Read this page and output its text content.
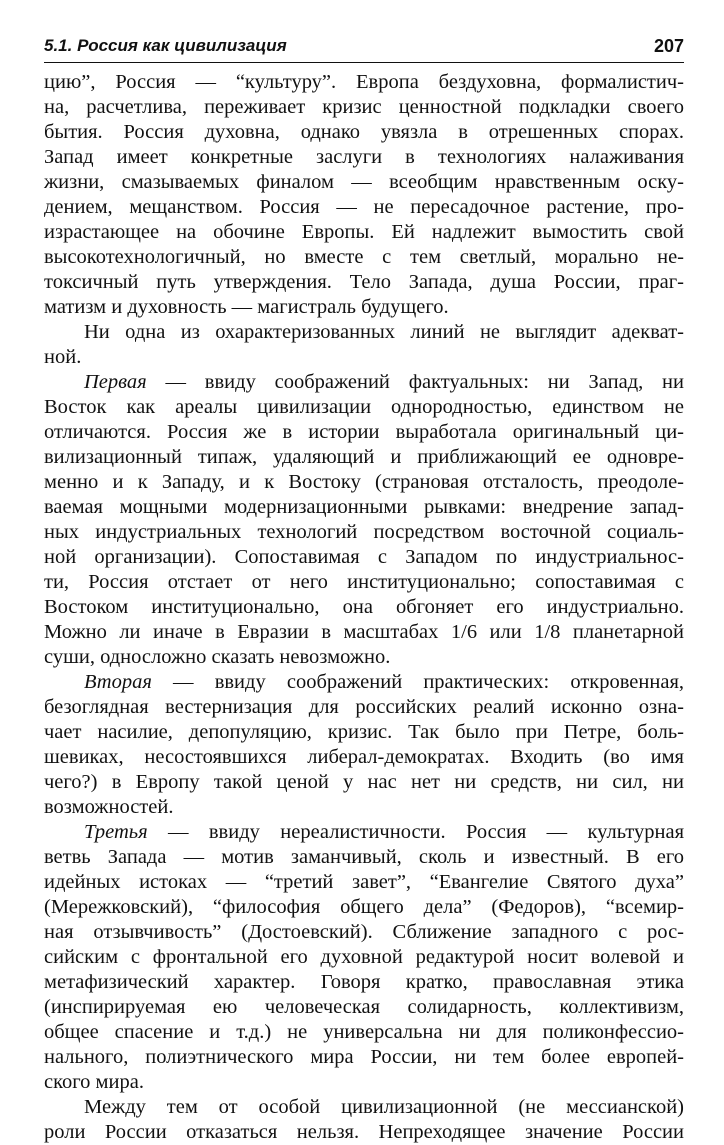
5.1. Россия как цивилизация	207
цию”, Россия — “культуру”. Европа бездуховна, формалистич-
на, расчетлива, переживает кризис ценностной подкладки своего
бытия. Россия духовна, однако увязла в отрешенных спорах.
Запад имеет конкретные заслуги в технологиях налаживания
жизни, смазываемых финалом — всеобщим нравственным оску-
дением, мещанством. Россия — не пересадочное растение, про-
израстающее на обочине Европы. Ей надлежит вымостить свой
высокотехнологичный, но вместе с тем светлый, морально не-
токсичный путь утверждения. Тело Запада, душа России, праг-
матизм и духовность — магистраль будущего.
Ни одна из охарактеризованных линий не выглядит адекват-
ной.
Первая — ввиду соображений фактуальных: ни Запад, ни
Восток как ареалы цивилизации однородностью, единством не
отличаются. Россия же в истории выработала оригинальный ци-
вилизационный типаж, удаляющий и приближающий ее одновре-
менно и к Западу, и к Востоку (страновая отсталость, преодоле-
ваемая мощными модернизационными рывками: внедрение запад-
ных индустриальных технологий посредством восточной социаль-
ной организации). Сопоставимая с Западом по индустриальнос-
ти, Россия отстает от него институционально; сопоставимая с
Востоком институционально, она обгоняет его индустриально.
Можно ли иначе в Евразии в масштабах 1/6 или 1/8 планетарной
суши, односложно сказать невозможно.
Вторая — ввиду соображений практических: откровенная,
безоглядная вестернизация для российских реалий исконно озна-
чает насилие, депопуляцию, кризис. Так было при Петре, боль-
шевиках, несостоявшихся либерал-демократах. Входить (во имя
чего?) в Европу такой ценой у нас нет ни средств, ни сил, ни
возможностей.
Третья — ввиду нереалистичности. Россия — культурная
ветвь Запада — мотив заманчивый, сколь и известный. В его
идейных истоках — “третий завет”, “Евангелие Святого духа”
(Мережковский), “философия общего дела” (Федоров), “всемир-
ная отзывчивость” (Достоевский). Сближение западного с рос-
сийским с фронтальной его духовной редактурой носит волевой и
метафизический характер. Говоря кратко, православная этика
(инспирируемая ею человеческая солидарность, коллективизм,
общее спасение и т.д.) не универсальна ни для поликонфессио-
нального, полиэтнического мира России, ни тем более европей-
ского мира.
Между тем от особой цивилизационной (не мессианской)
роли России отказаться нельзя. Непреходящее значение России
